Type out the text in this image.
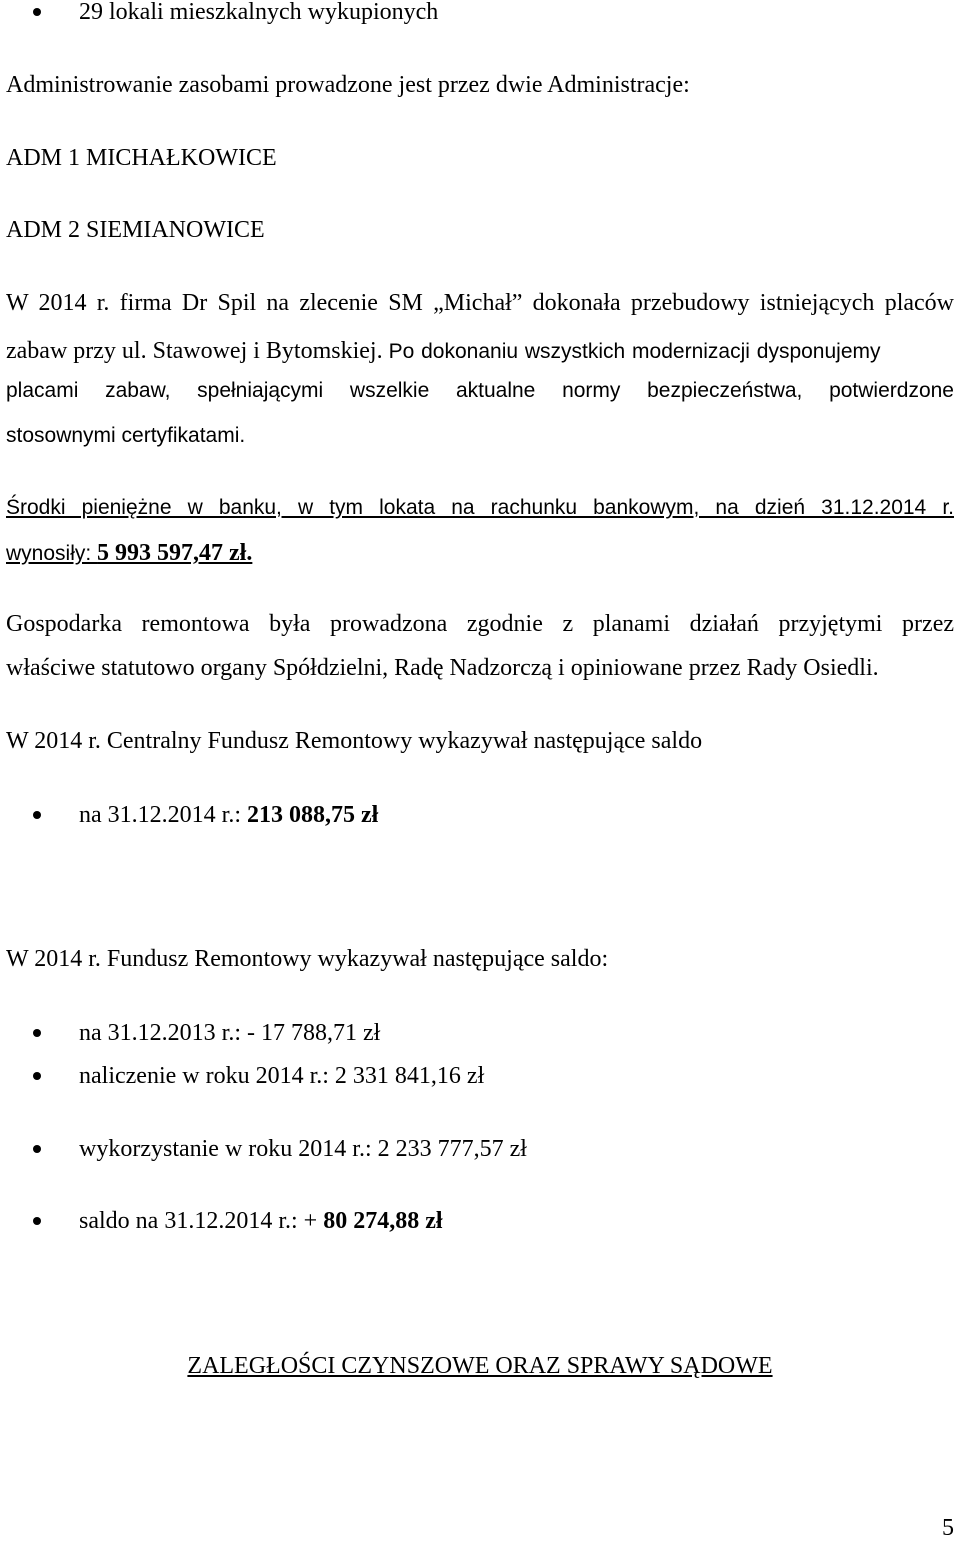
29 lokali mieszkalnych wykupionych
Administrowanie zasobami prowadzone jest przez dwie Administracje:
ADM 1 MICHAŁKOWICE
ADM 2 SIEMIANOWICE
W 2014 r. firma Dr Spil na zlecenie SM „Michał” dokonała przebudowy istniejących placów
zabaw przy ul. Stawowej i Bytomskiej. Po dokonaniu wszystkich modernizacji dysponujemy
placami zabaw, spełniającymi wszelkie aktualne normy bezpieczeństwa, potwierdzone
stosownymi certyfikatami.
Środki pieniężne w banku, w tym lokata na rachunku bankowym, na dzień 31.12.2014 r.
wynosiły: 5 993 597,47 zł.
Gospodarka remontowa była prowadzona zgodnie z planami działań przyjętymi przez
właściwe statutowo organy Spółdzielni, Radę Nadzorczą i opiniowane przez Rady Osiedli.
W 2014 r. Centralny Fundusz Remontowy wykazywał następujące saldo
na 31.12.2014 r.: 213 088,75 zł
W 2014 r. Fundusz Remontowy wykazywał następujące saldo:
na 31.12.2013 r.: - 17 788,71 zł
naliczenie w roku 2014 r.: 2 331 841,16 zł
wykorzystanie w roku 2014 r.: 2 233 777,57 zł
saldo na 31.12.2014 r.: + 80 274,88 zł
ZALEGŁOŚCI CZYNSZOWE ORAZ SPRAWY SĄDOWE
5
